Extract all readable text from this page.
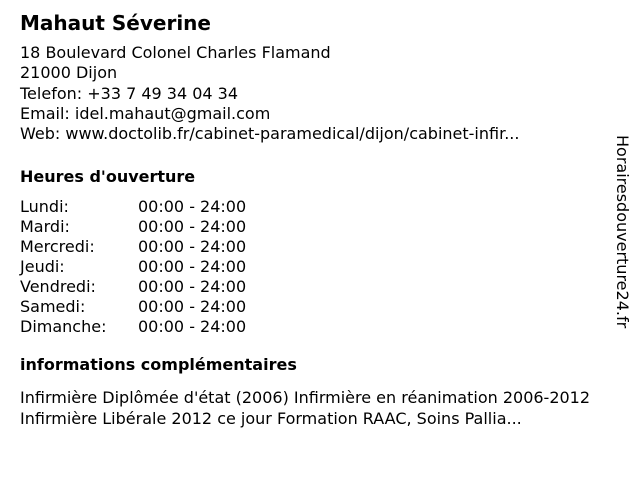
Mahaut Séverine
18 Boulevard Colonel Charles Flamand
21000 Dijon
Telefon: +33 7 49 34 04 34
Email: idel.mahaut@gmail.com
Web: www.doctolib.fr/cabinet-paramedical/dijon/cabinet-infir...
Heures d'ouverture
Lundi:	00:00 - 24:00
Mardi:	00:00 - 24:00
Mercredi:	00:00 - 24:00
Jeudi:	00:00 - 24:00
Vendredi:	00:00 - 24:00
Samedi:	00:00 - 24:00
Dimanche:	00:00 - 24:00
informations complémentaires
Infirmière Diplômée d'état (2006) Infirmière en réanimation 2006-2012 Infirmière Libérale 2012 ce jour Formation RAAC, Soins Pallia...
Horairesdouverture24.fr
